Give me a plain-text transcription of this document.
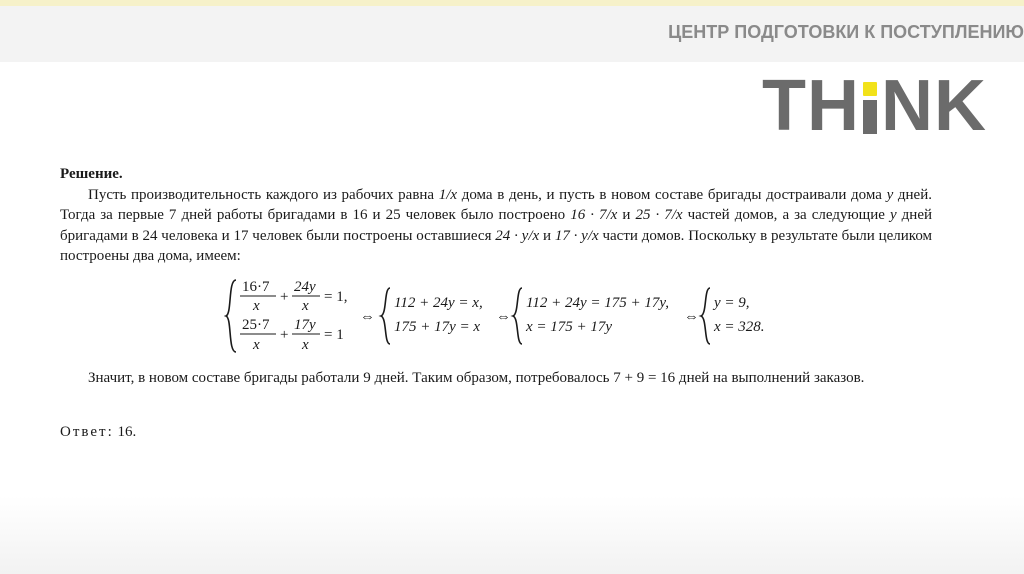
ЦЕНТР ПОДГОТОВКИ К ПОСТУПЛЕНИЮ
TH NK
Решение.

Пусть производительность каждого из рабочих равна 1/x дома в день, и пусть в новом составе бригады достраивали дома y дней. Тогда за первые 7 дней работы бригадами в 16 и 25 человек было построено 16 · 7/x и 25 · 7/x частей домов, а за следующие y дней бригадами в 24 человека и 17 человек были построены оставшиеся 24 · y/x и 17 · y/x части домов. Поскольку в результате были целиком построены два дома, имеем:

16·7
x
+
24y
x
= 1,
25·7
x
+
17y
x
= 1
⇔
112 + 24y = x,
175 + 17y = x
⇔
112 + 24y = 175 + 17y,
x = 175 + 17y
⇔
y = 9,
x = 328.

Значит, в новом составе бригады работали 9 дней. Таким образом, потребовалось 7 + 9 = 16 дней на выполнений заказов.

Ответ: 16.
